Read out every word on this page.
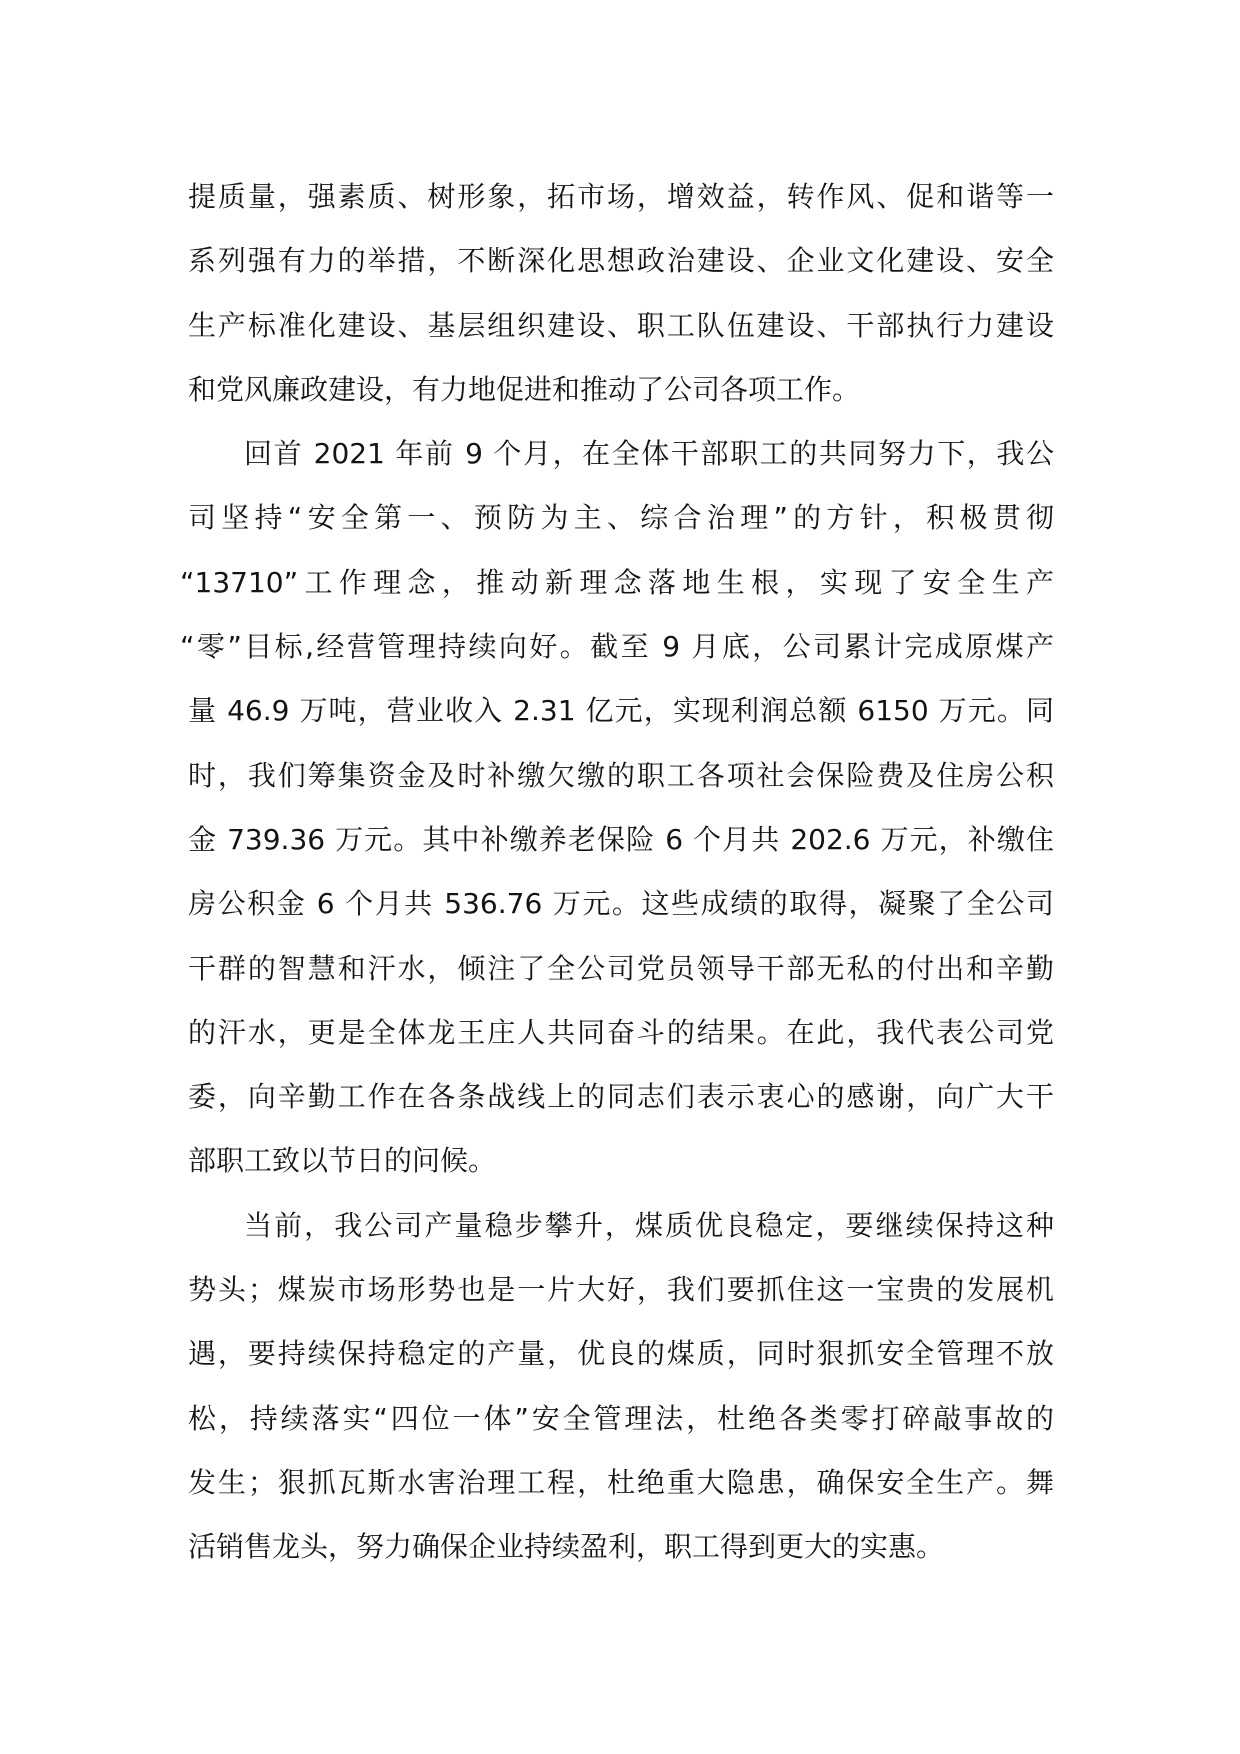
提质量，强素质、树形象，拓市场，增效益，转作风、促和谐等一
系列强有力的举措，不断深化思想政治建设、企业文化建设、安全
生产标准化建设、基层组织建设、职工队伍建设、干部执行力建设
和党风廉政建设，有力地促进和推动了公司各项工作。
回首 2021 年前 9 个月，在全体干部职工的共同努力下，我公
司坚持“安全第一、预防为主、综合治理”的方针，积极贯彻
“13710”工作理念，推动新理念落地生根，实现了安全生产
“零”目标,经营管理持续向好。截至 9 月底，公司累计完成原煤产
量 46.9 万吨，营业收入 2.31 亿元，实现利润总额 6150 万元。同
时，我们筹集资金及时补缴欠缴的职工各项社会保险费及住房公积
金 739.36 万元。其中补缴养老保险 6 个月共 202.6 万元，补缴住
房公积金 6 个月共 536.76 万元。这些成绩的取得，凝聚了全公司
干群的智慧和汗水，倾注了全公司党员领导干部无私的付出和辛勤
的汗水，更是全体龙王庄人共同奋斗的结果。在此，我代表公司党
委，向辛勤工作在各条战线上的同志们表示衷心的感谢，向广大干
部职工致以节日的问候。
当前，我公司产量稳步攀升，煤质优良稳定，要继续保持这种
势头；煤炭市场形势也是一片大好，我们要抓住这一宝贵的发展机
遇，要持续保持稳定的产量，优良的煤质，同时狠抓安全管理不放
松，持续落实“四位一体”安全管理法，杜绝各类零打碎敲事故的
发生；狠抓瓦斯水害治理工程，杜绝重大隐患，确保安全生产。舞
活销售龙头，努力确保企业持续盈利，职工得到更大的实惠。
